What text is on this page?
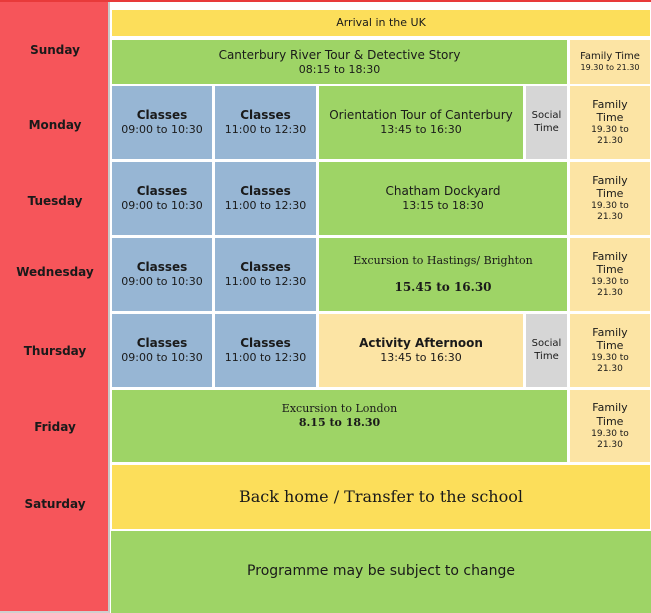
Sunday
Monday
Tuesday
Wednesday
Thursday
Friday
Saturday
Arrival in the UK
Canterbury River Tour & Detective Story
08:15 to 18:30
Family Time
19.30 to 21.30
Classes
09:00 to 10:30
Classes
11:00 to 12:30
Orientation Tour of Canterbury
13:45 to 16:30
Social
Time
Family
Time
19.30 to
21.30
Classes
09:00 to 10:30
Classes
11:00 to 12:30
Chatham Dockyard
13:15 to 18:30
Family
Time
19.30 to
21.30
Classes
09:00 to 10:30
Classes
11:00 to 12:30
Excursion to Hastings/ Brighton
15.45 to 16.30
Family
Time
19.30 to
21.30
Classes
09:00 to 10:30
Classes
11:00 to 12:30
Activity Afternoon
13:45 to 16:30
Social
Time
Family
Time
19.30 to
21.30
Excursion to London
8.15 to 18.30
Family
Time
19.30 to
21.30
Back home / Transfer to the school
Programme may be subject to change
